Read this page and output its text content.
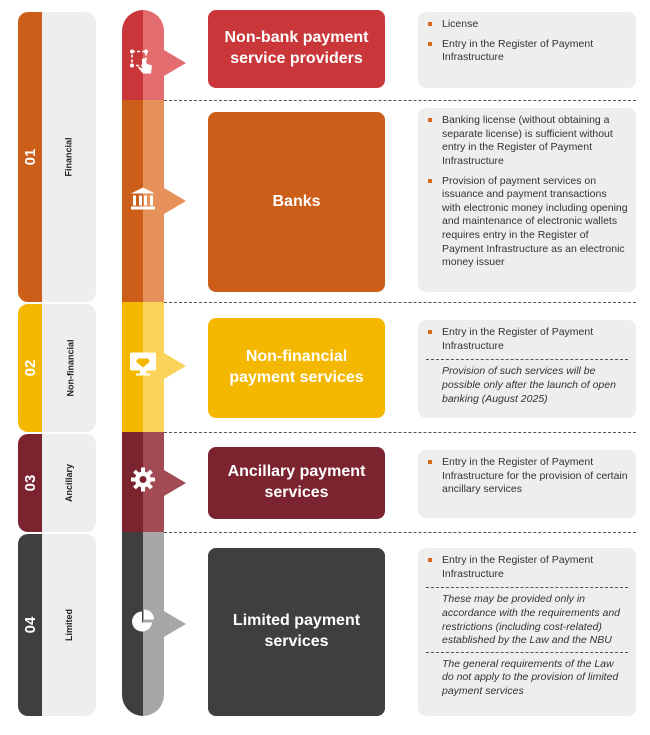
01	Financial
02	Non-financial
03	Ancillary
04	Limited
Non-bank payment service providers
Banks
Non-financial payment services
Ancillary payment services
Limited payment services
License
Entry in the Register of Payment Infrastructure
Banking license (without obtaining a separate license) is sufficient without entry in the Register of Payment Infrastructure
Provision of payment services on issuance and payment transactions with electronic money including opening and maintenance of electronic wallets requires entry in the Register of Payment Infrastructure as an electronic money issuer
Entry in the Register of Payment Infrastructure
Provision of such services will be possible only after the launch of open banking (August 2025)
Entry in the Register of Payment Infrastructure for the provision of certain ancillary services
Entry in the Register of Payment Infrastructure
These may be provided only in accordance with the requirements and restrictions (including cost-related) established by the Law and the NBU
The general requirements of the Law do not apply to the provision of limited payment services
